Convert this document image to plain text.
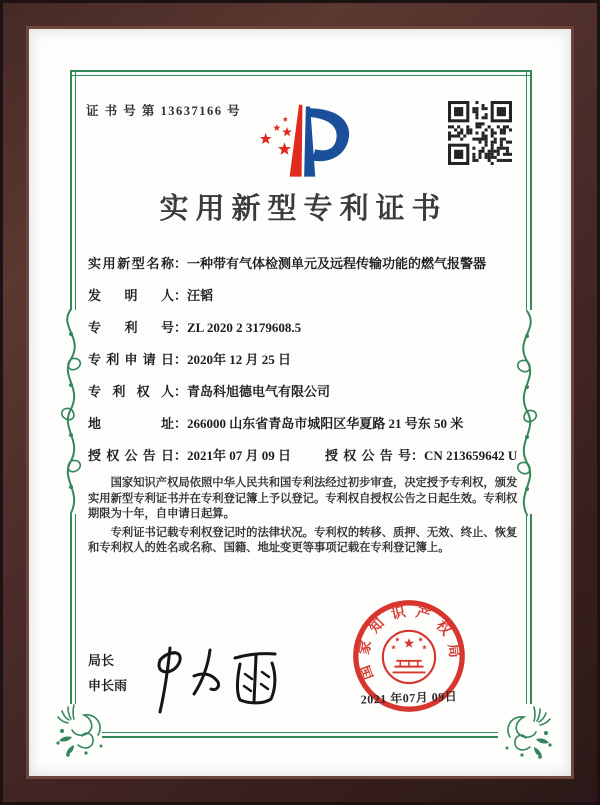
证 书 号 第 13637166 号
实用新型专利证书
实用新型名称 ： 一种带有气体检测单元及远程传输功能的燃气报警器
发明人 ： 汪韬
专利号 ： ZL 2020 2 3179608.5
专利申请日 ： 2020年 12 月 25 日
专利权人 ： 青岛科旭德电气有限公司
地址 ： 266000 山东省青岛市城阳区华夏路 21 号东 50 米
授权公告日 ： 2021年 07 月 09 日	授权公告号 ： CN 213659642 U

国家知识产权局依照中华人民共和国专利法经过初步审查，决定授予专利权，颁发实用新型专利证书并在专利登记簿上予以登记。专利权自授权公告之日起生效。专利权期限为十年，自申请日起算。

专利证书记载专利权登记时的法律状况。专利权的转移、质押、无效、终止、恢复和专利权人的姓名或名称、国籍、地址变更等事项记载在专利登记簿上。

局长
申长雨
国
家
知
识 产
权
局
2021 年07月 09日
